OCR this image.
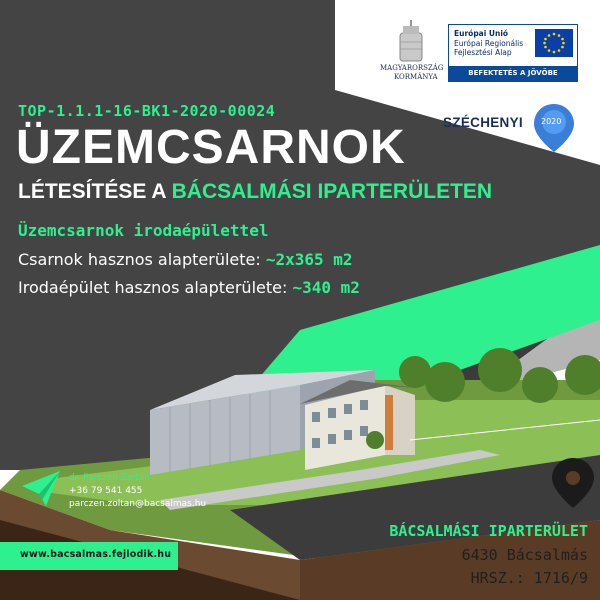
MAGYARORSZÁG
KORMÁNYA
Európai Unió
Európai Regionális
Fejlesztési Alap
BEFEKTETÉS A JÖVŐBE
SZÉCHENYI 2020
TOP-1.1.1-16-BK1-2020-00024
ÜZEMCSARNOK
LÉTESÍTÉSE A BÁCSALMÁSI IPARTERÜLETEN
Üzemcsarnok irodaépülettel
Csarnok hasznos alapterülete: ~2x365 m2
Irodaépület hasznos alapterülete: ~340 m2
dr. Parczen Zoltán
+36 79 541 455
parczen.zoltan@bacsalmas.hu
www.bacsalmas.fejlodik.hu
BÁCSALMÁSI IPARTERÜLET
6430 Bácsalmás
HRSZ.: 1716/9
